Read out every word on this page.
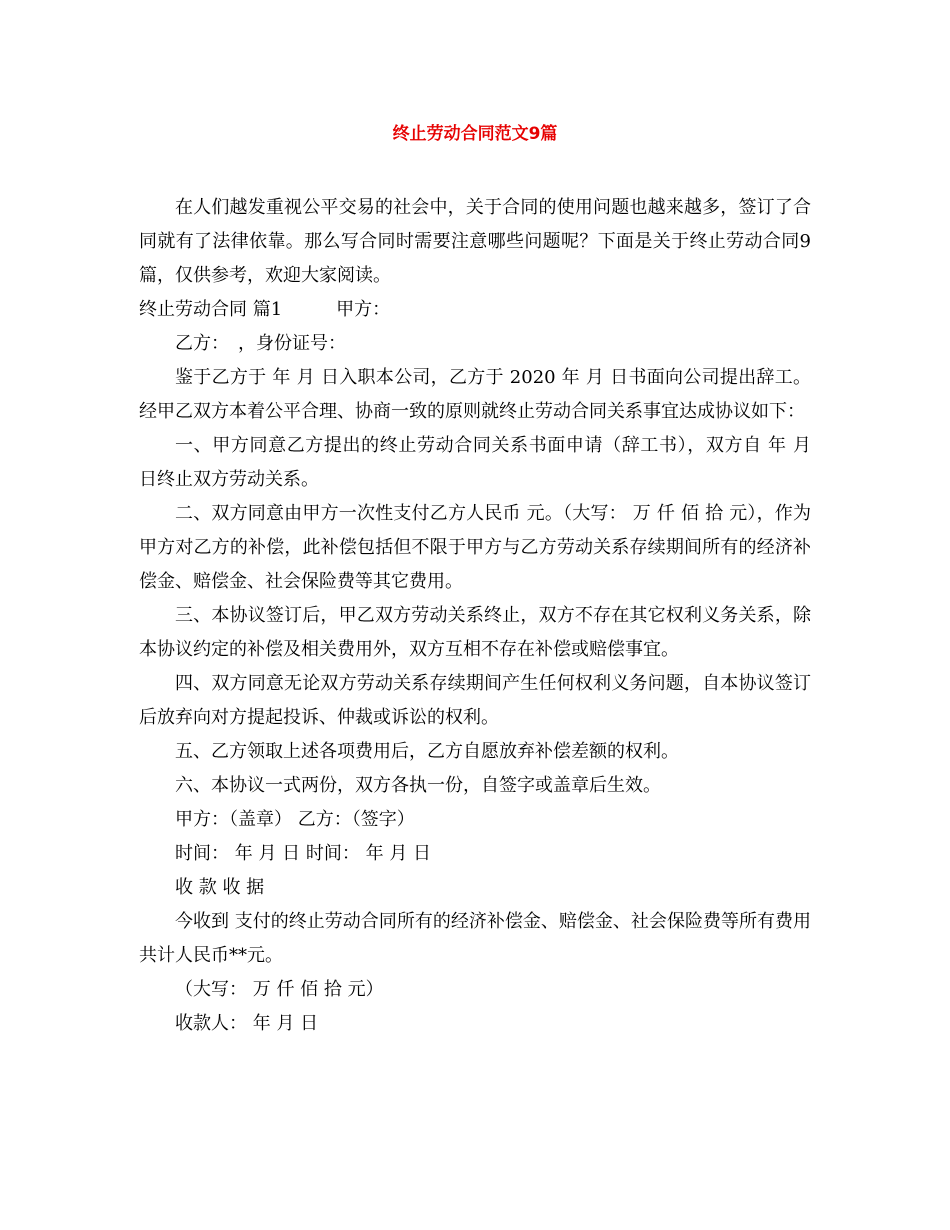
终止劳动合同范文9篇

在人们越发重视公平交易的社会中，关于合同的使用问题也越来越多，签订了合同就有了法律依靠。那么写合同时需要注意哪些问题呢？下面是关于终止劳动合同9篇，仅供参考，欢迎大家阅读。

终止劳动合同 篇1　　　甲方：

乙方：　，身份证号：

鉴于乙方于 年 月 日入职本公司，乙方于 2020 年 月 日书面向公司提出辞工。经甲乙双方本着公平合理、协商一致的原则就终止劳动合同关系事宜达成协议如下：

一、甲方同意乙方提出的终止劳动合同关系书面申请（辞工书），双方自 年 月 日终止双方劳动关系。

二、双方同意由甲方一次性支付乙方人民币 元。（大写： 万 仟 佰 拾 元），作为甲方对乙方的补偿，此补偿包括但不限于甲方与乙方劳动关系存续期间所有的经济补偿金、赔偿金、社会保险费等其它费用。

三、本协议签订后，甲乙双方劳动关系终止，双方不存在其它权利义务关系，除本协议约定的补偿及相关费用外，双方互相不存在补偿或赔偿事宜。

四、双方同意无论双方劳动关系存续期间产生任何权利义务问题，自本协议签订后放弃向对方提起投诉、仲裁或诉讼的权利。

五、乙方领取上述各项费用后，乙方自愿放弃补偿差额的权利。

六、本协议一式两份，双方各执一份，自签字或盖章后生效。

甲方：（盖章） 乙方：（签字）

时间： 年 月 日 时间： 年 月 日

收 款 收 据

今收到 支付的终止劳动合同所有的经济补偿金、赔偿金、社会保险费等所有费用共计人民币**元。

（大写： 万 仟 佰 拾 元）

收款人： 年 月 日
